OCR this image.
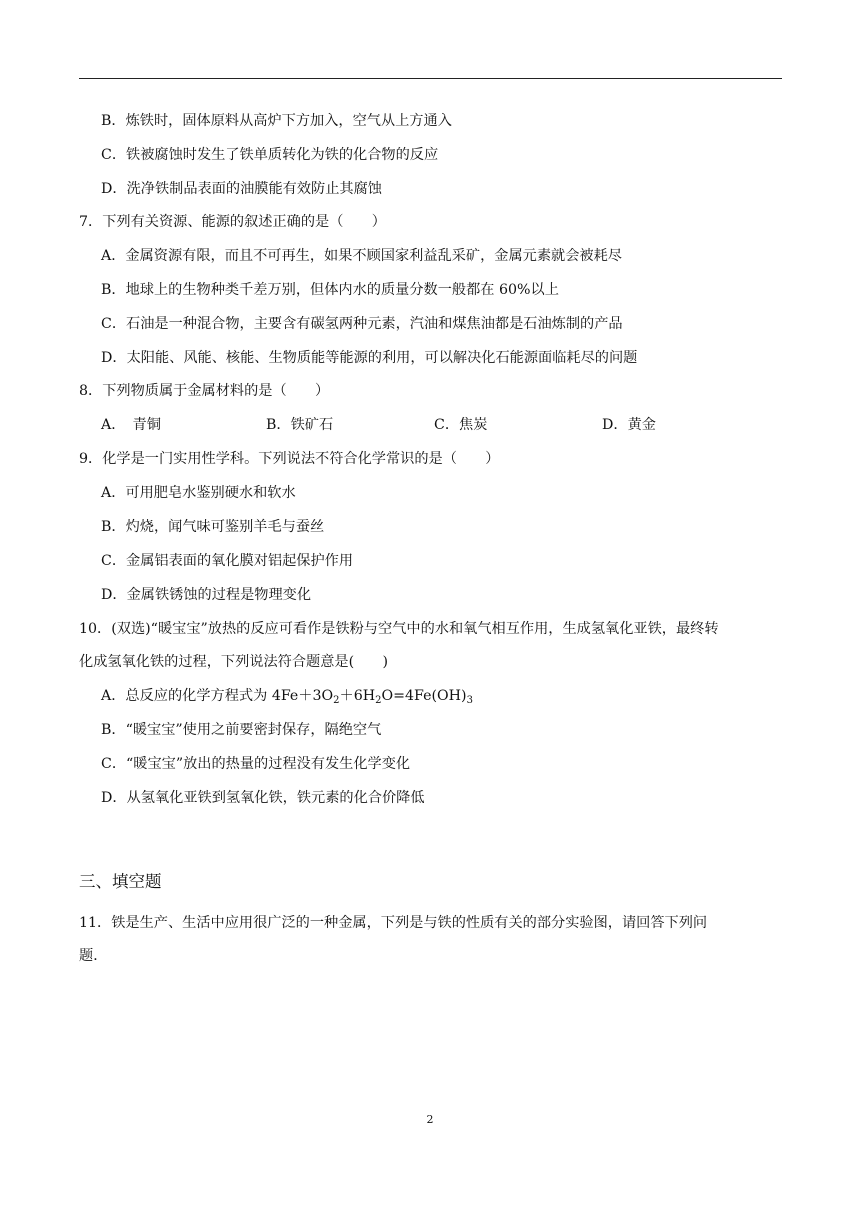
B．炼铁时，固体原料从高炉下方加入，空气从上方通入
C．铁被腐蚀时发生了铁单质转化为铁的化合物的反应
D．洗净铁制品表面的油膜能有效防止其腐蚀
7．下列有关资源、能源的叙述正确的是（　　）
A．金属资源有限，而且不可再生，如果不顾国家利益乱采矿，金属元素就会被耗尽
B．地球上的生物种类千差万别，但体内水的质量分数一般都在 60%以上
C．石油是一种混合物，主要含有碳氢两种元素，汽油和煤焦油都是石油炼制的产品
D．太阳能、风能、核能、生物质能等能源的利用，可以解决化石能源面临耗尽的问题
8．下列物质属于金属材料的是（　　）
A．　青铜	B．铁矿石	C．焦炭	D．黄金
9．化学是一门实用性学科。下列说法不符合化学常识的是（　　）
A．可用肥皂水鉴别硬水和软水
B．灼烧，闻气味可鉴别羊毛与蚕丝
C．金属铝表面的氧化膜对铝起保护作用
D．金属铁锈蚀的过程是物理变化
10．(双选)“暖宝宝”放热的反应可看作是铁粉与空气中的水和氧气相互作用，生成氢氧化亚铁，最终转
化成氢氧化铁的过程，下列说法符合题意是(　　)
A．总反应的化学方程式为 $4Fe+3O_2+6H_2O=4Fe(OH)_3$
B．“暖宝宝”使用之前要密封保存，隔绝空气
C．“暖宝宝”放出的热量的过程没有发生化学变化
D．从氢氧化亚铁到氢氧化铁，铁元素的化合价降低
三、填空题
11．铁是生产、生活中应用很广泛的一种金属，下列是与铁的性质有关的部分实验图，请回答下列问
题．
2
